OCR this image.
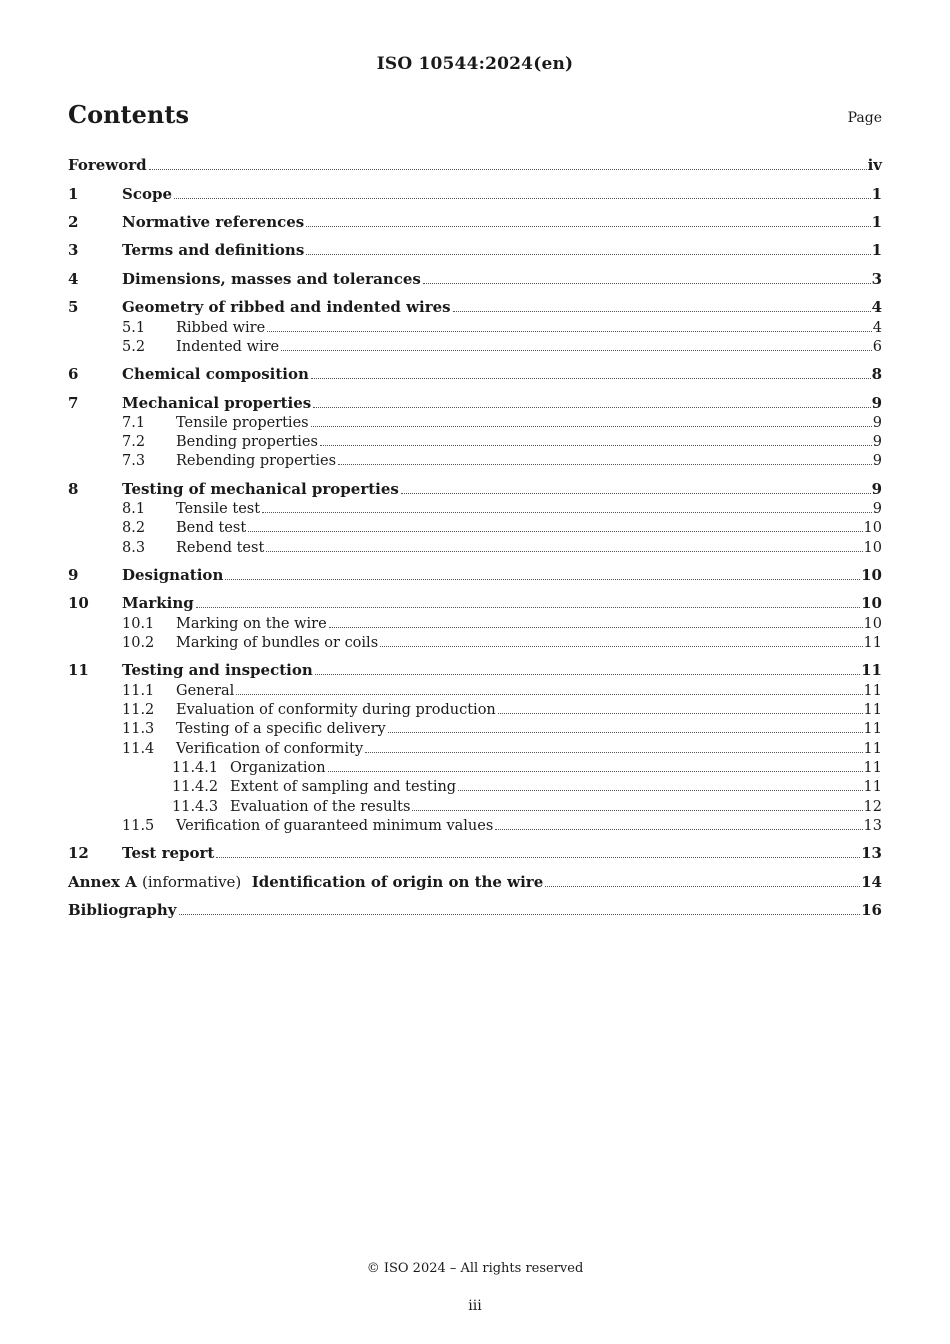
ISO 10544:2024(en)
Contents	Page
Foreword	iv
1	Scope	1
2	Normative references	1
3	Terms and definitions	1
4	Dimensions, masses and tolerances	3
5	Geometry of ribbed and indented wires	4
5.1	Ribbed wire	4
5.2	Indented wire	6
6	Chemical composition	8
7	Mechanical properties	9
7.1	Tensile properties	9
7.2	Bending properties	9
7.3	Rebending properties	9
8	Testing of mechanical properties	9
8.1	Tensile test	9
8.2	Bend test	10
8.3	Rebend test	10
9	Designation	10
10	Marking	10
10.1	Marking on the wire	10
10.2	Marking of bundles or coils	11
11	Testing and inspection	11
11.1	General	11
11.2	Evaluation of conformity during production	11
11.3	Testing of a specific delivery	11
11.4	Verification of conformity	11
11.4.1 Organization	11
11.4.2 Extent of sampling and testing	11
11.4.3 Evaluation of the results	12
11.5	Verification of guaranteed minimum values	13
12	Test report	13
Annex A (informative) Identification of origin on the wire	14
Bibliography	16
© ISO 2024 – All rights reserved
iii
